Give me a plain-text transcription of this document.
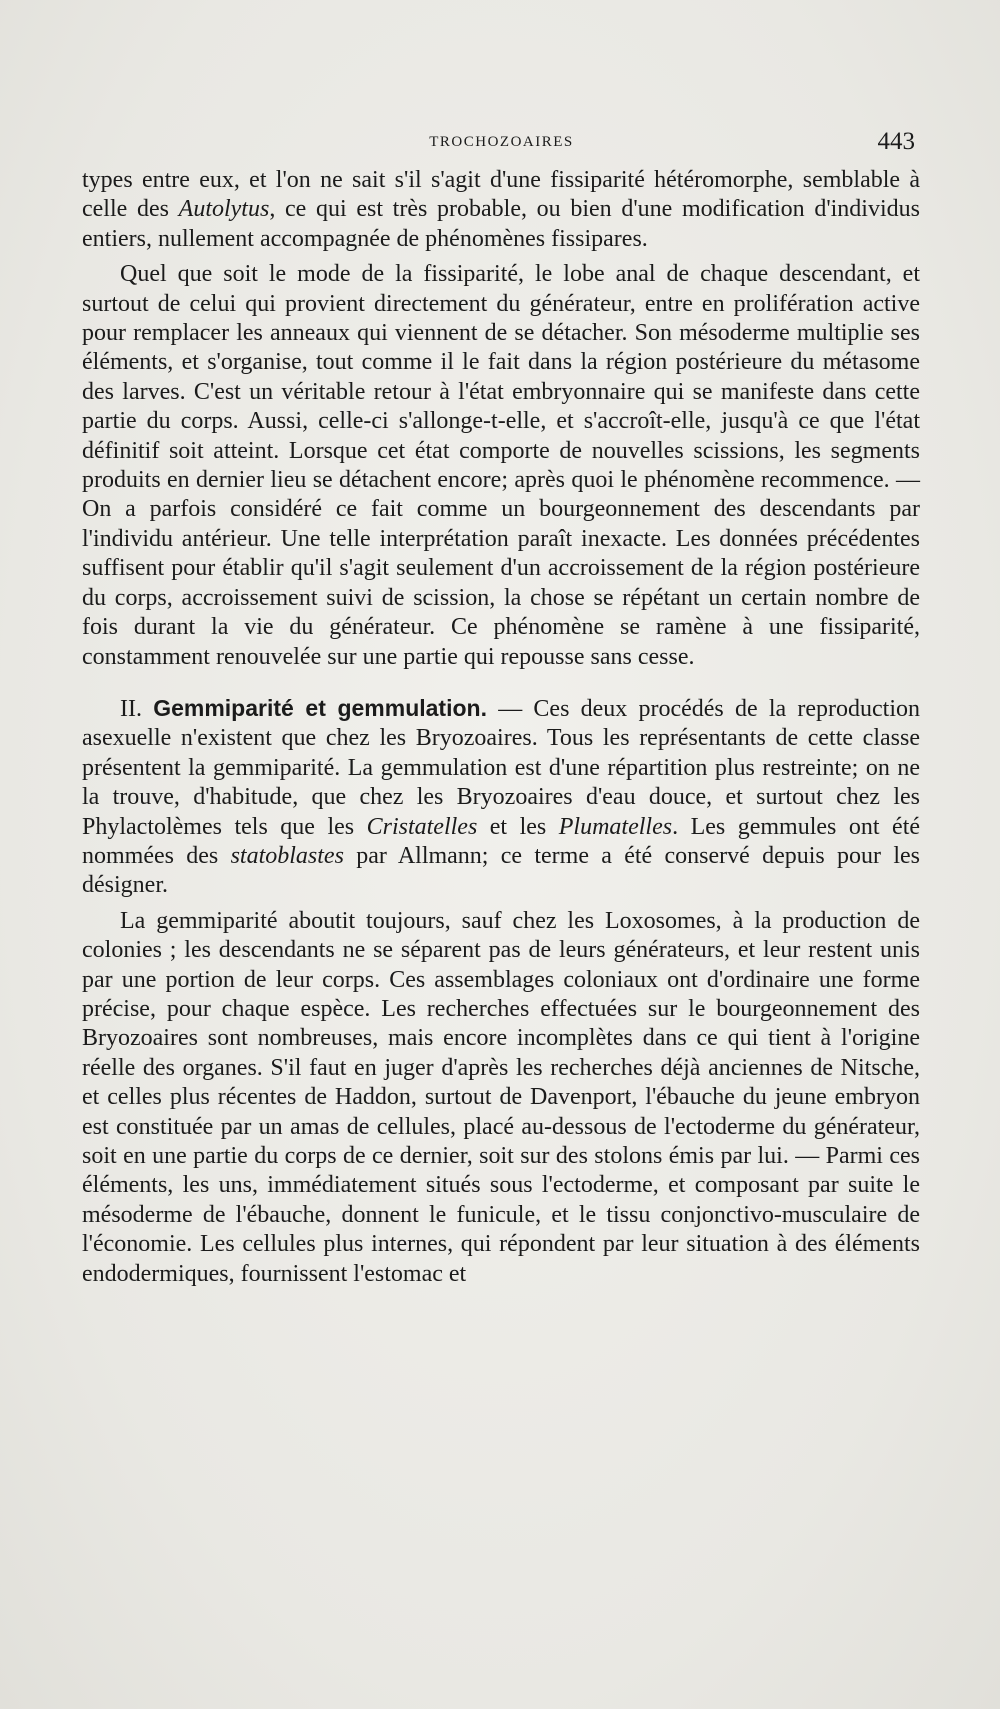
TROCHOZOAIRES	443

types entre eux, et l'on ne sait s'il s'agit d'une fissiparité hétéromorphe, semblable à celle des Autolytus, ce qui est très probable, ou bien d'une modification d'individus entiers, nullement accompagnée de phénomènes fissipares.

Quel que soit le mode de la fissiparité, le lobe anal de chaque descendant, et surtout de celui qui provient directement du générateur, entre en prolifération active pour remplacer les anneaux qui viennent de se détacher. Son mésoderme multiplie ses éléments, et s'organise, tout comme il le fait dans la région postérieure du métasome des larves. C'est un véritable retour à l'état embryonnaire qui se manifeste dans cette partie du corps. Aussi, celle-ci s'allonge-t-elle, et s'accroît-elle, jusqu'à ce que l'état définitif soit atteint. Lorsque cet état comporte de nouvelles scissions, les segments produits en dernier lieu se détachent encore; après quoi le phénomène recommence. — On a parfois considéré ce fait comme un bourgeonnement des descendants par l'individu antérieur. Une telle interprétation paraît inexacte. Les données précédentes suffisent pour établir qu'il s'agit seulement d'un accroissement de la région postérieure du corps, accroissement suivi de scission, la chose se répétant un certain nombre de fois durant la vie du générateur. Ce phénomène se ramène à une fissiparité, constamment renouvelée sur une partie qui repousse sans cesse.

II. Gemmiparité et gemmulation. — Ces deux procédés de la reproduction asexuelle n'existent que chez les Bryozoaires. Tous les représentants de cette classe présentent la gemmiparité. La gemmulation est d'une répartition plus restreinte; on ne la trouve, d'habitude, que chez les Bryozoaires d'eau douce, et surtout chez les Phylactolèmes tels que les Cristatelles et les Plumatelles. Les gemmules ont été nommées des statoblastes par Allmann; ce terme a été conservé depuis pour les désigner.

La gemmiparité aboutit toujours, sauf chez les Loxosomes, à la production de colonies ; les descendants ne se séparent pas de leurs générateurs, et leur restent unis par une portion de leur corps. Ces assemblages coloniaux ont d'ordinaire une forme précise, pour chaque espèce. Les recherches effectuées sur le bourgeonnement des Bryozoaires sont nombreuses, mais encore incomplètes dans ce qui tient à l'origine réelle des organes. S'il faut en juger d'après les recherches déjà anciennes de Nitsche, et celles plus récentes de Haddon, surtout de Davenport, l'ébauche du jeune embryon est constituée par un amas de cellules, placé au-dessous de l'ectoderme du générateur, soit en une partie du corps de ce dernier, soit sur des stolons émis par lui. — Parmi ces éléments, les uns, immédiatement situés sous l'ectoderme, et composant par suite le mésoderme de l'ébauche, donnent le funicule, et le tissu conjonctivo-musculaire de l'économie. Les cellules plus internes, qui répondent par leur situation à des éléments endodermiques, fournissent l'estomac et
